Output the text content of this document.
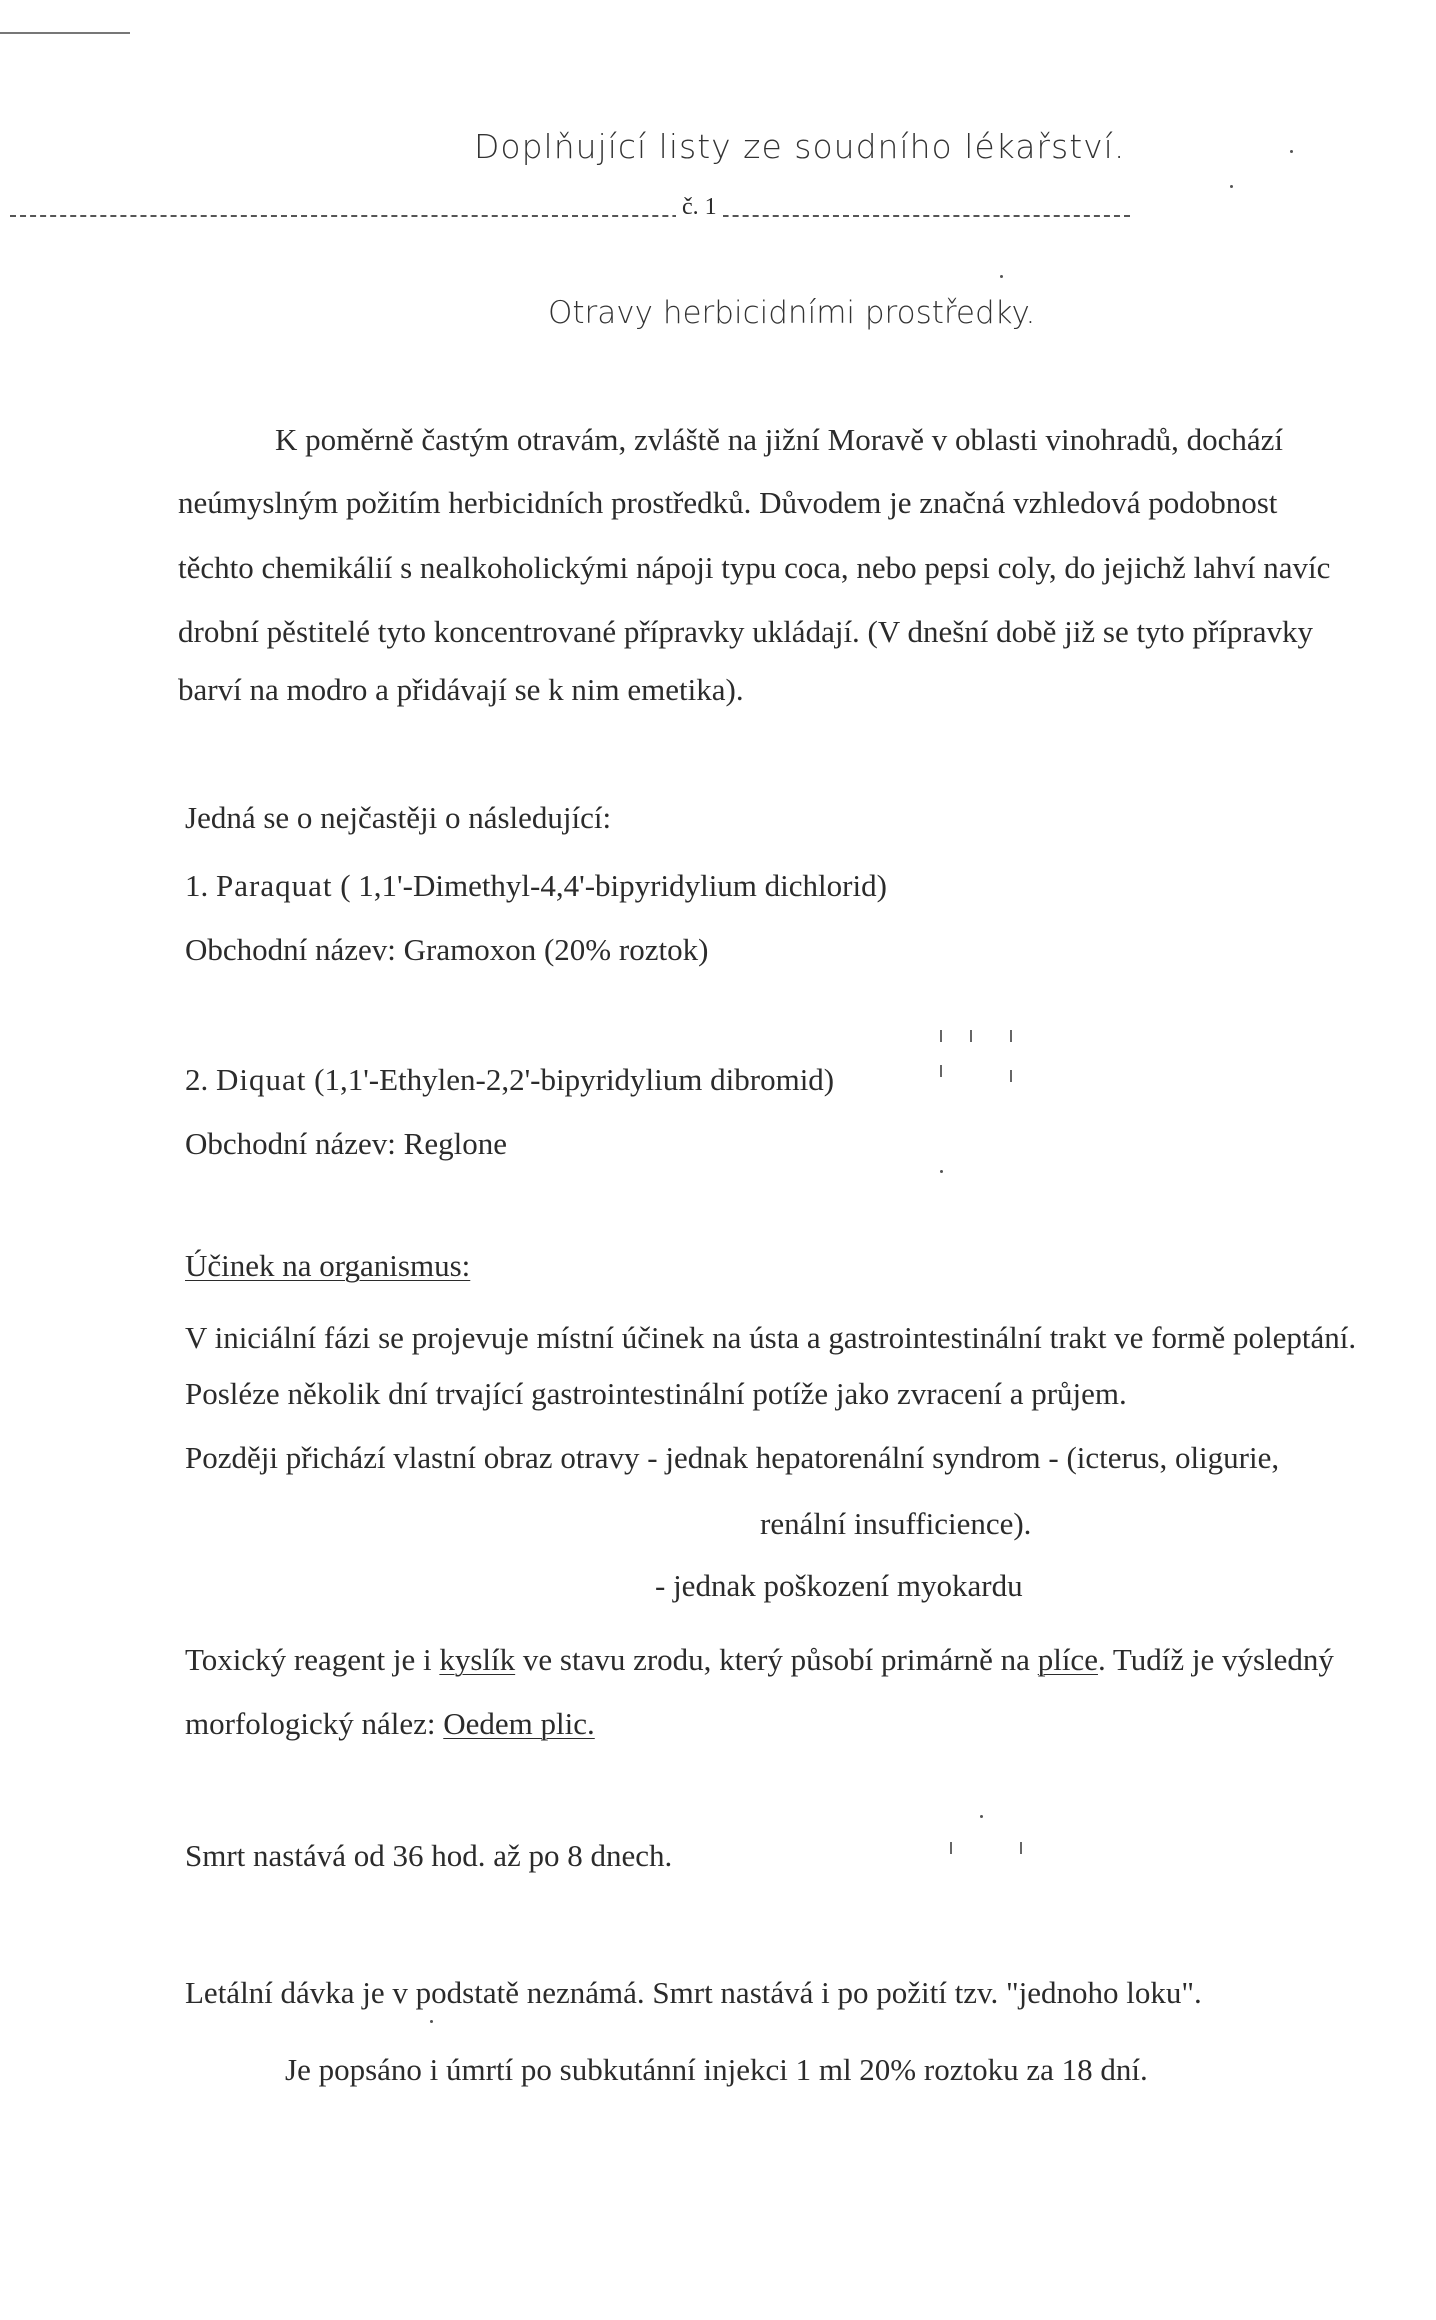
Doplňující listy ze soudního lékařství.
č. 1
Otravy herbicidními prostředky.
K poměrně častým otravám, zvláště na jižní Moravě v oblasti vinohradů, dochází
neúmyslným požitím herbicidních prostředků. Důvodem je značná vzhledová podobnost
těchto chemikálií s nealkoholickými nápoji typu coca, nebo pepsi coly, do jejichž lahví navíc
drobní pěstitelé tyto koncentrované přípravky ukládají. (V dnešní době již se tyto přípravky
barví na modro a přidávají se k nim emetika).
Jedná se o nejčastěji o následující:
1. Paraquat ( 1,1'-Dimethyl-4,4'-bipyridylium dichlorid)
Obchodní název: Gramoxon (20% roztok)
2. Diquat (1,1'-Ethylen-2,2'-bipyridylium dibromid)
Obchodní název: Reglone
Účinek na organismus:
V iniciální fázi se projevuje místní účinek na ústa a gastrointestinální trakt ve formě poleptání.
Posléze několik dní trvající gastrointestinální potíže jako zvracení a průjem.
Později přichází vlastní obraz otravy - jednak hepatorenální syndrom - (icterus, oligurie,
renální insufficience).
- jednak poškození myokardu
Toxický reagent je i kyslík ve stavu zrodu, který působí primárně na plíce. Tudíž je výsledný
morfologický nález: Oedem plic.
Smrt nastává od 36 hod. až po 8 dnech.
Letální dávka je v podstatě neznámá. Smrt nastává i po požití tzv. "jednoho loku".
Je popsáno i úmrtí po subkutánní injekci 1 ml 20% roztoku za 18 dní.
